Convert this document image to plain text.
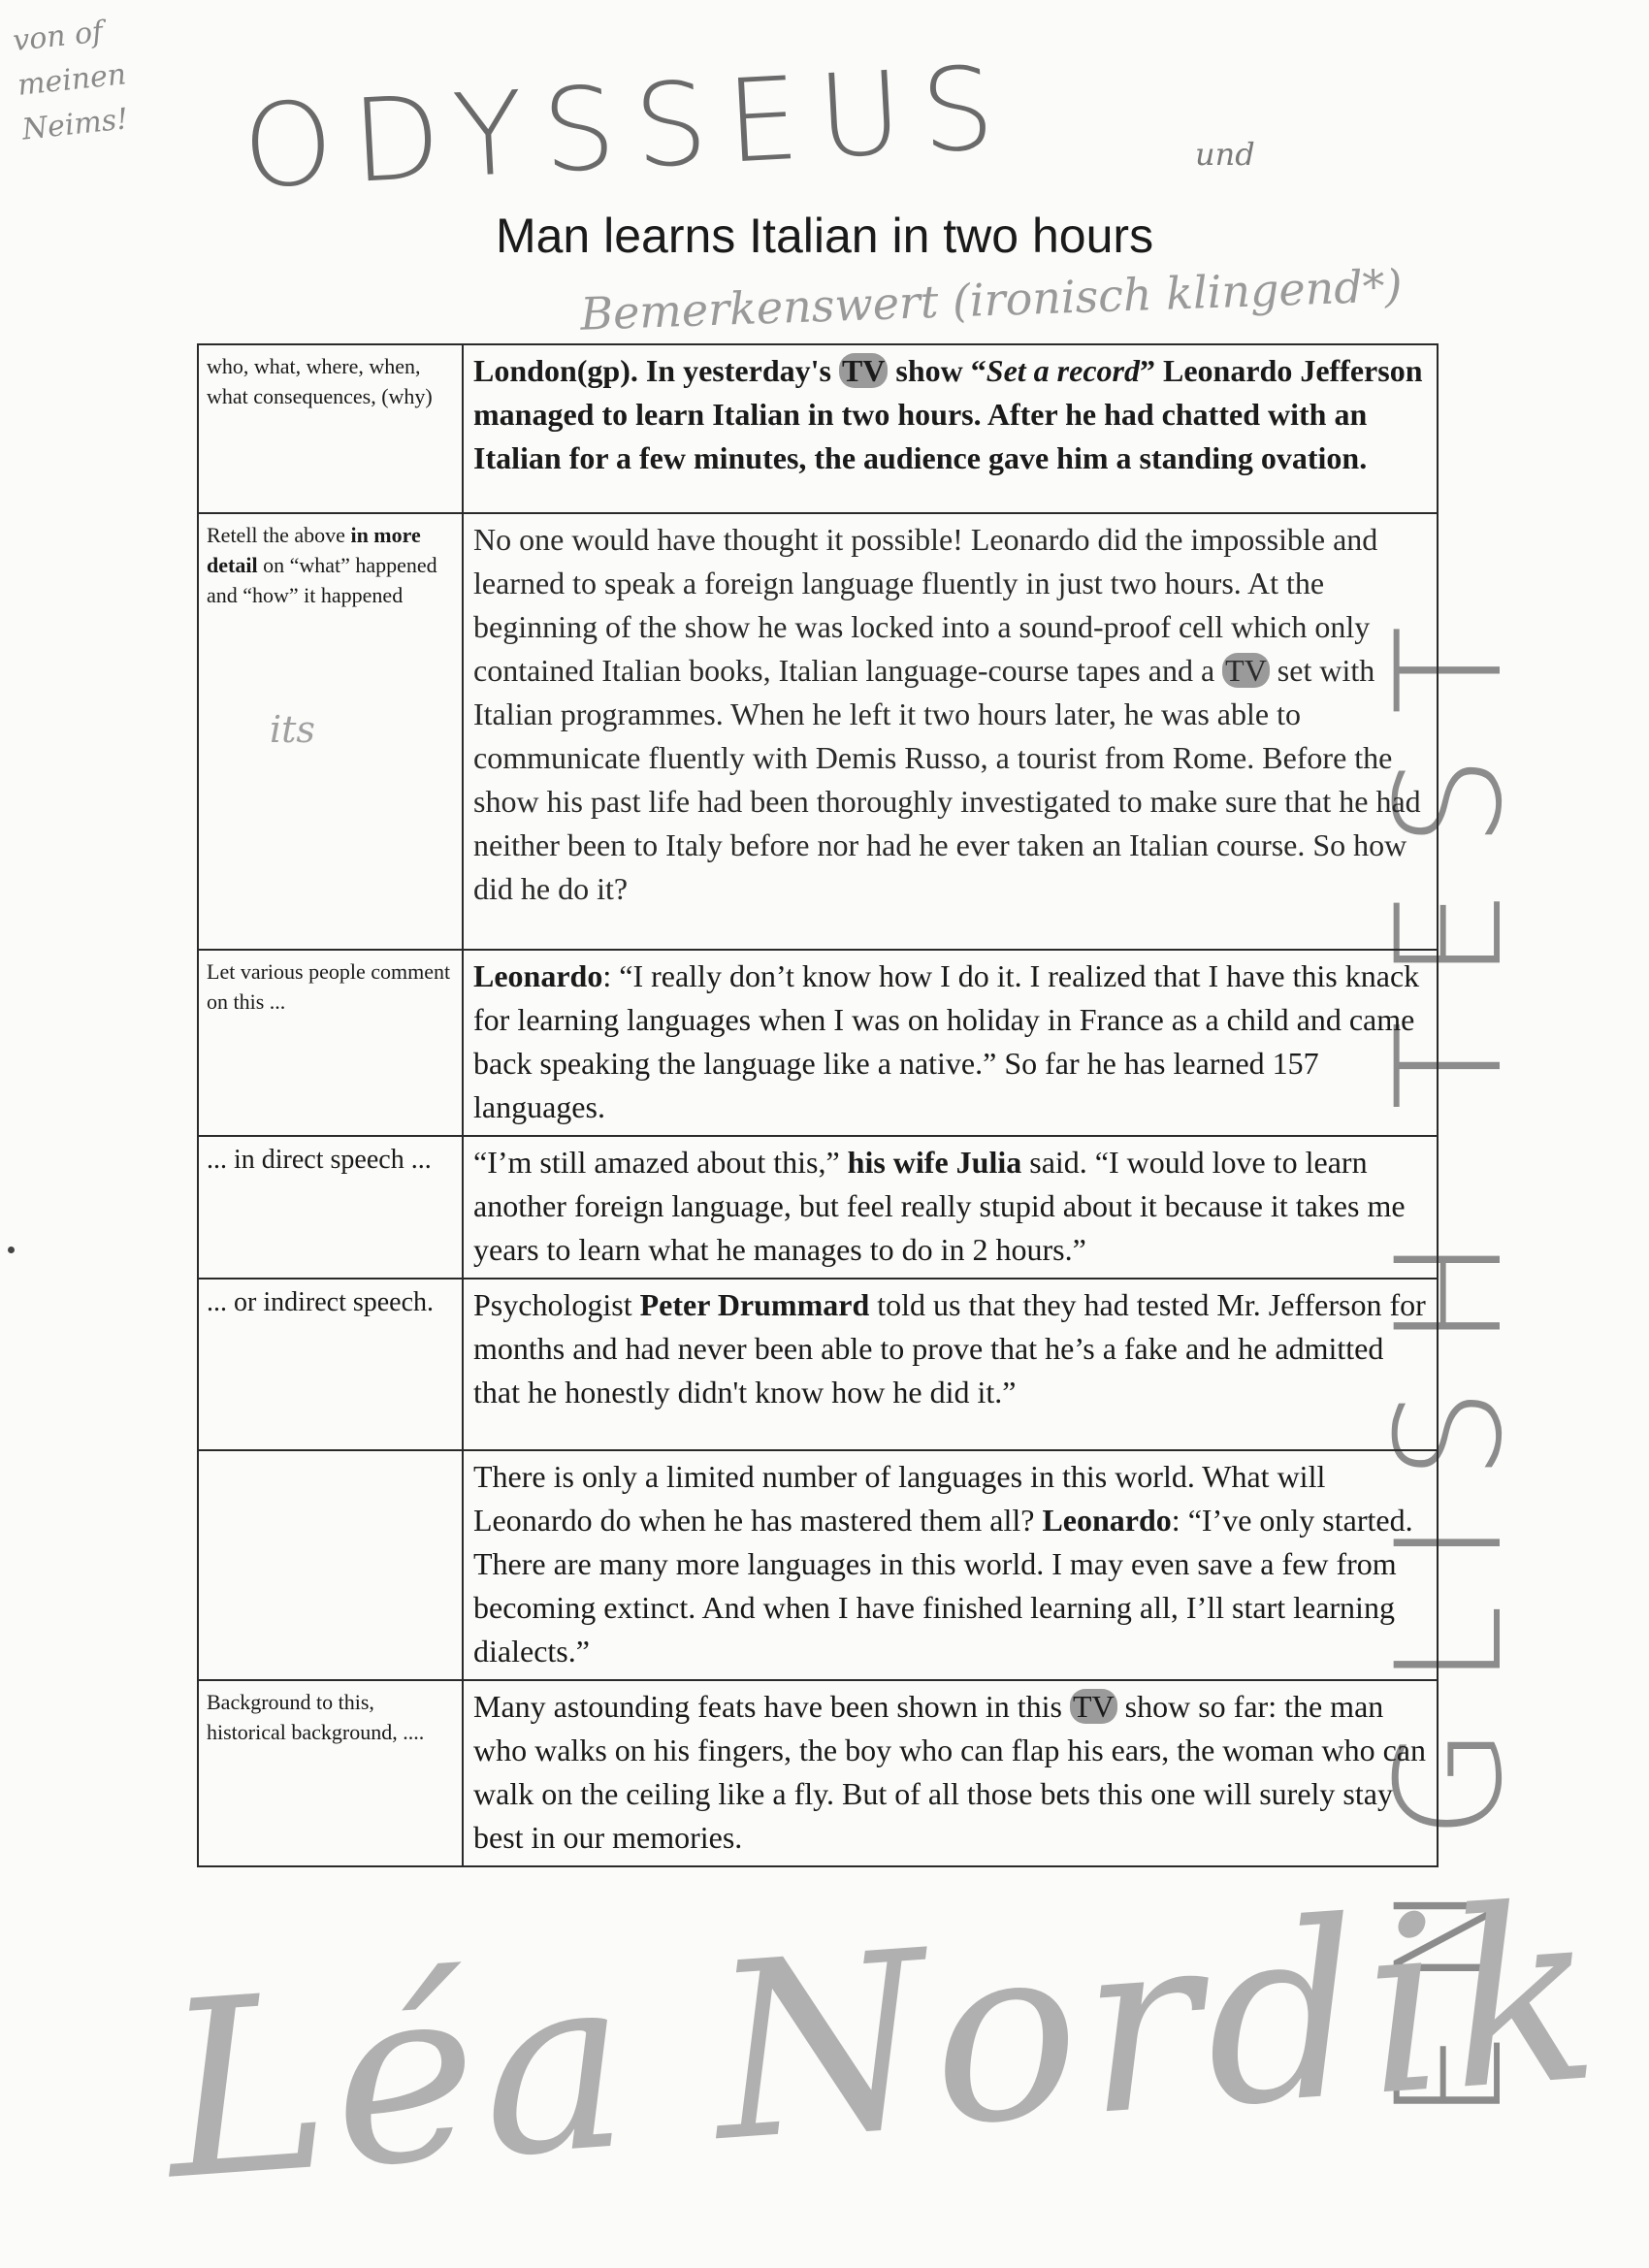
von of
meinen
Neims! ODYSSEUS	und
Bemerkenswert (ironisch klingend*)
its	ENGLISH TEST
Léa Nordik
Man learns Italian in two hours
who, what, where, when, what consequences, (why)	London(gp). In yesterday's TV show “Set a record” Leonardo Jefferson managed to learn Italian in two hours. After he had chatted with an Italian for a few minutes, the audience gave him a standing ovation.
Retell the above in more detail on “what” happened and “how” it happened	No one would have thought it possible! Leonardo did the impossible and learned to speak a foreign language fluently in just two hours. At the beginning of the show he was locked into a sound-proof cell which only contained Italian books, Italian language-course tapes and a TV set with Italian programmes. When he left it two hours later, he was able to communicate fluently with Demis Russo, a tourist from Rome. Before the show his past life had been thoroughly investigated to make sure that he had neither been to Italy before nor had he ever taken an Italian course. So how did he do it?
Let various people comment on this ...	Leonardo: “I really don’t know how I do it. I realized that I have this knack for learning languages when I was on holiday in France as a child and came back speaking the language like a native.” So far he has learned 157 languages.
... in direct speech ...	“I’m still amazed about this,” his wife Julia said. “I would love to learn another foreign language, but feel really stupid about it because it takes me years to learn what he manages to do in 2 hours.”
... or indirect speech.	Psychologist Peter Drummard told us that they had tested Mr. Jefferson for months and had never been able to prove that he’s a fake and he admitted that he honestly didn't know how he did it.”
	There is only a limited number of languages in this world. What will Leonardo do when he has mastered them all? Leonardo: “I’ve only started. There are many more languages in this world. I may even save a few from becoming extinct. And when I have finished learning all, I’ll start learning dialects.”
Background to this, historical background, ....	Many astounding feats have been shown in this TV show so far: the man who walks on his fingers, the boy who can flap his ears, the woman who can walk on the ceiling like a fly. But of all those bets this one will surely stay best in our memories.
